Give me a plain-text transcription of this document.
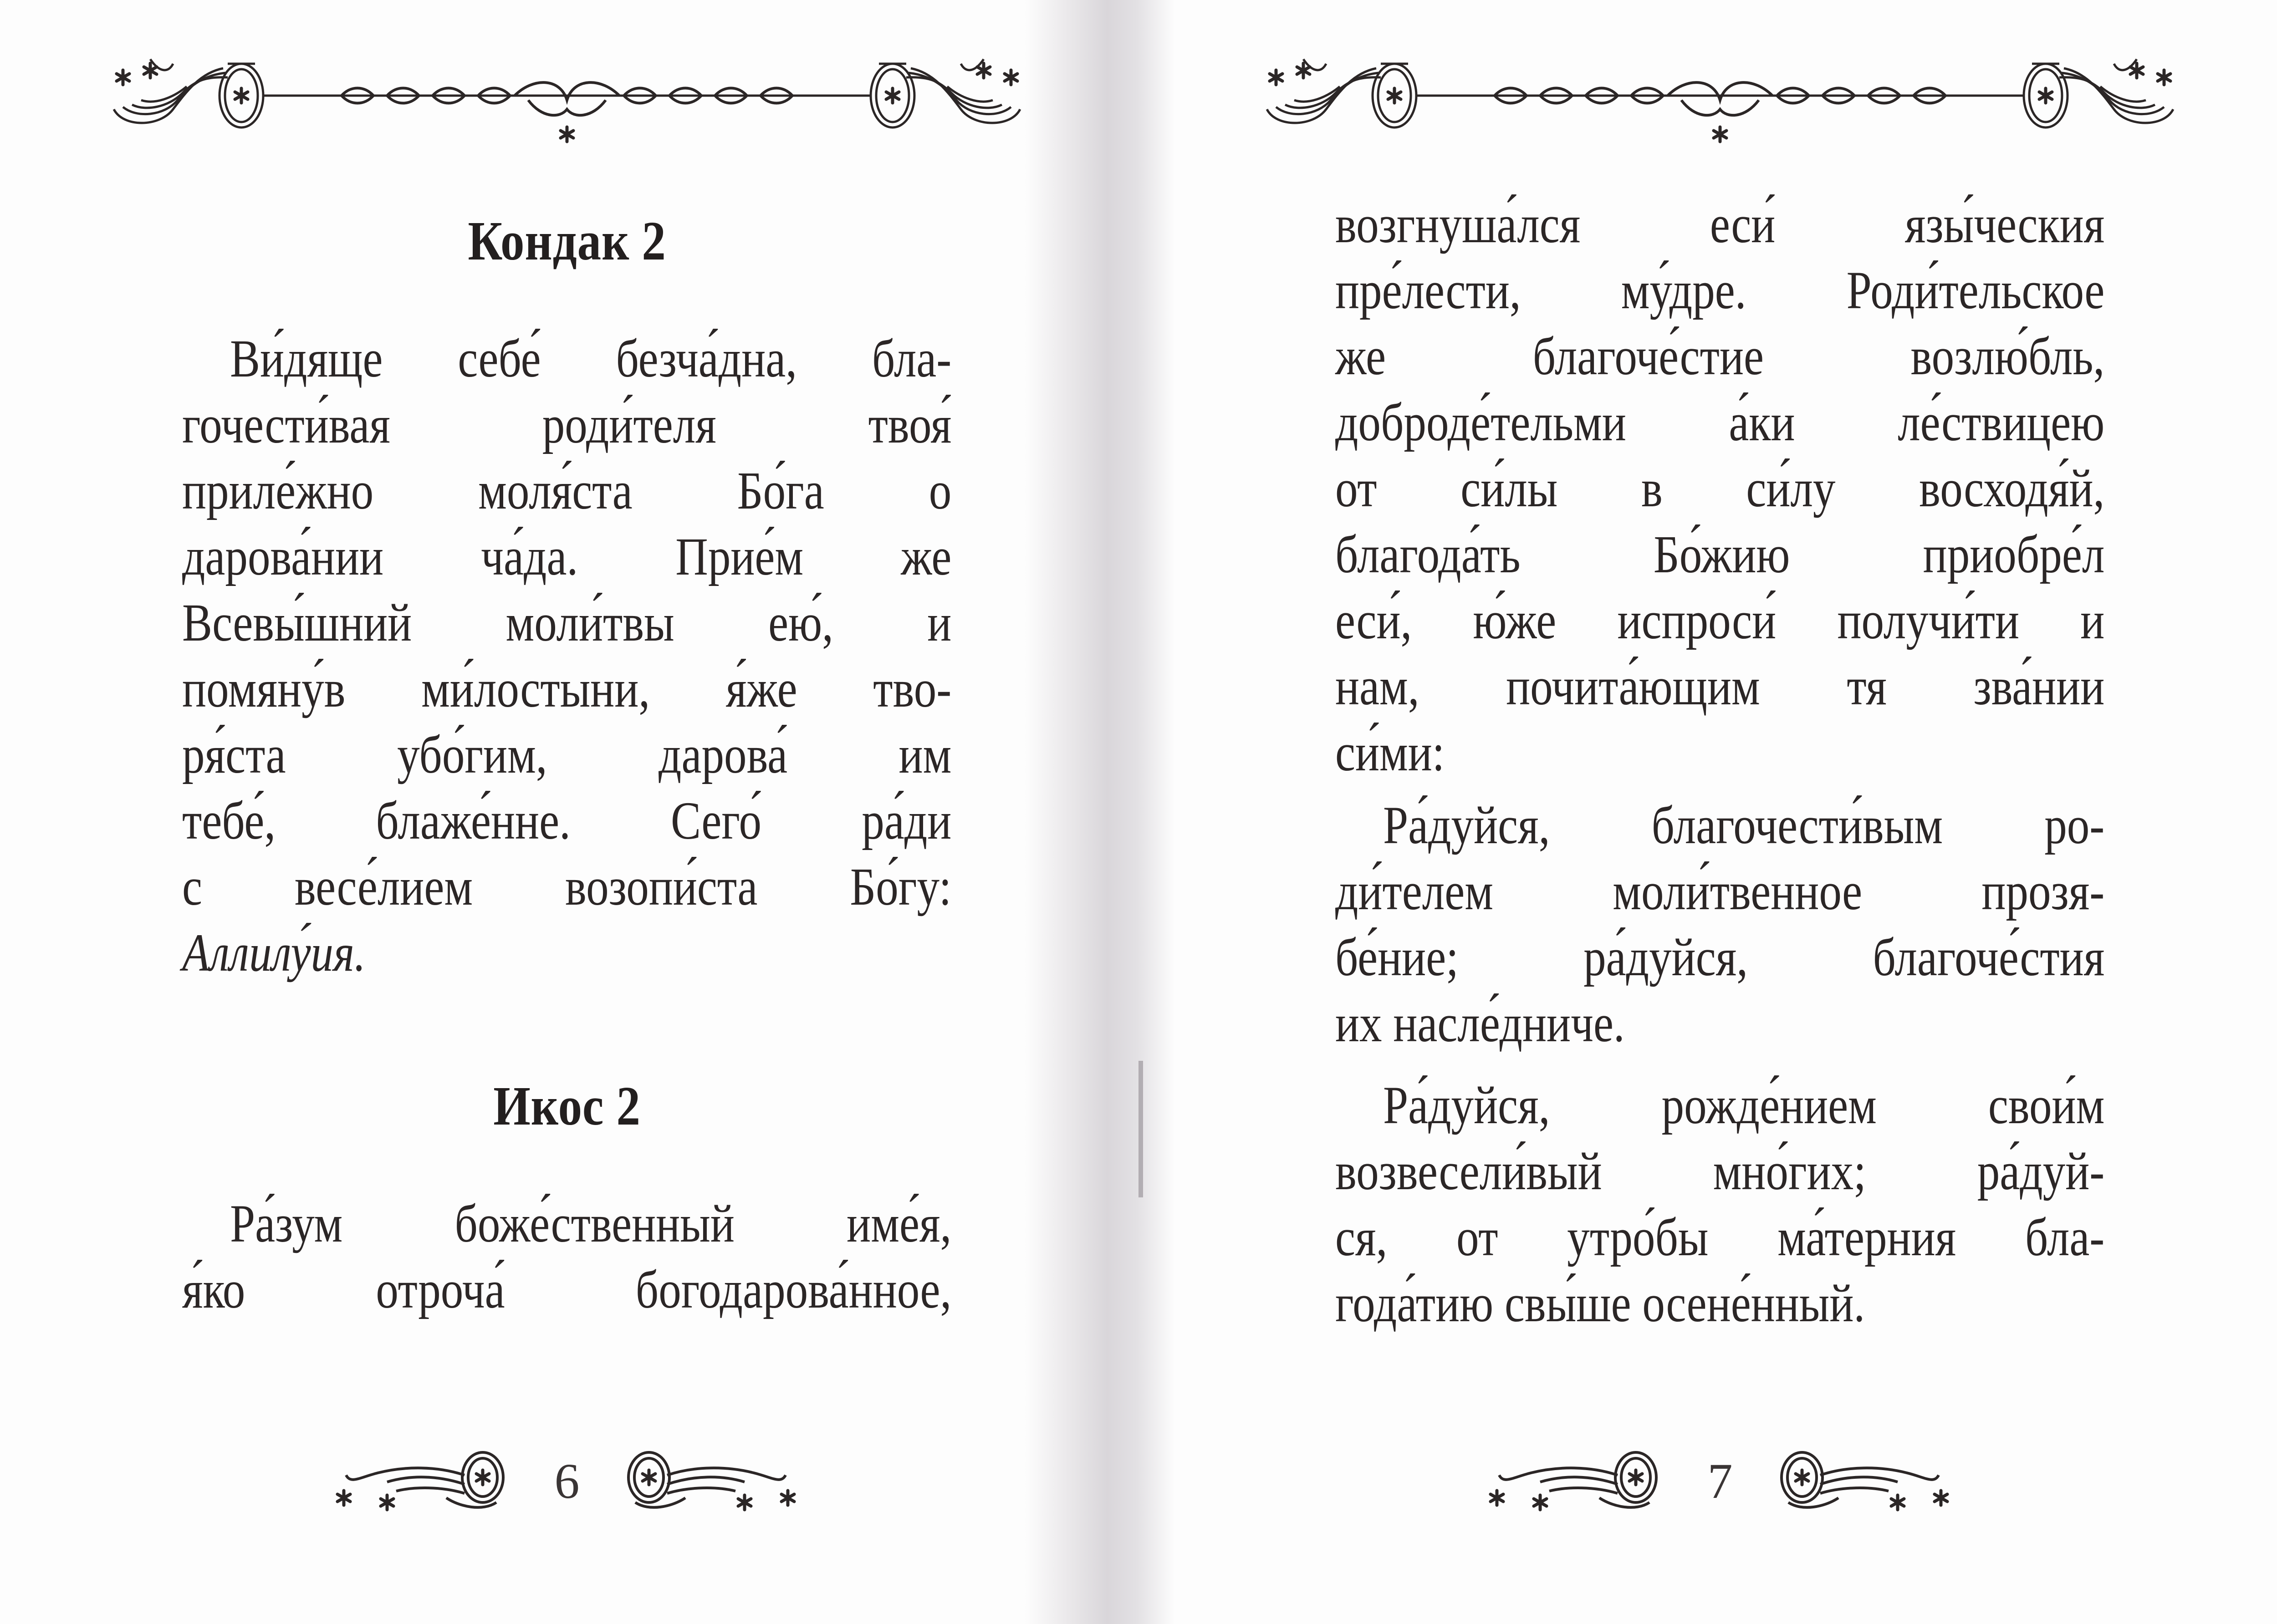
Кондак 2
Ви́дяще себе́ безча́дна, бла-
гочести́вая роди́теля твоя́
приле́жно моля́ста Бо́га о
дарова́нии ча́да. Прие́м же
Всевы́шний моли́твы ею́, и
помяну́в ми́лостыни, я́же тво-
ря́ста убо́гим, дарова́ им
тебе́, блаже́нне. Сего́ ра́ди
с весе́лием возопи́ста Бо́гу:
Аллилу́ия.
Икос 2
Ра́зум боже́ственный име́я,
я́ко отроча́ богодарова́нное,
6
возгнуша́лся еси́ язы́ческия
пре́лести, му́дре. Роди́тельское
же благоче́стие возлю́бль,
доброде́тельми а́ки ле́ствицею
от си́лы в си́лу восходя́й,
благода́ть Бо́жию приобре́л
еси́, ю́же испроси́ получи́ти и
нам, почита́ющим тя зва́нии
си́ми:
Ра́дуйся, благочести́вым ро-
ди́телем моли́твенное прозя-
бе́ние; ра́дуйся, благоче́стия
их насле́дниче.
Ра́дуйся, рожде́нием свои́м
возвесели́вый мно́гих; ра́дуй-
ся, от утро́бы ма́терния бла-
года́тию свы́ше осене́нный.
7
